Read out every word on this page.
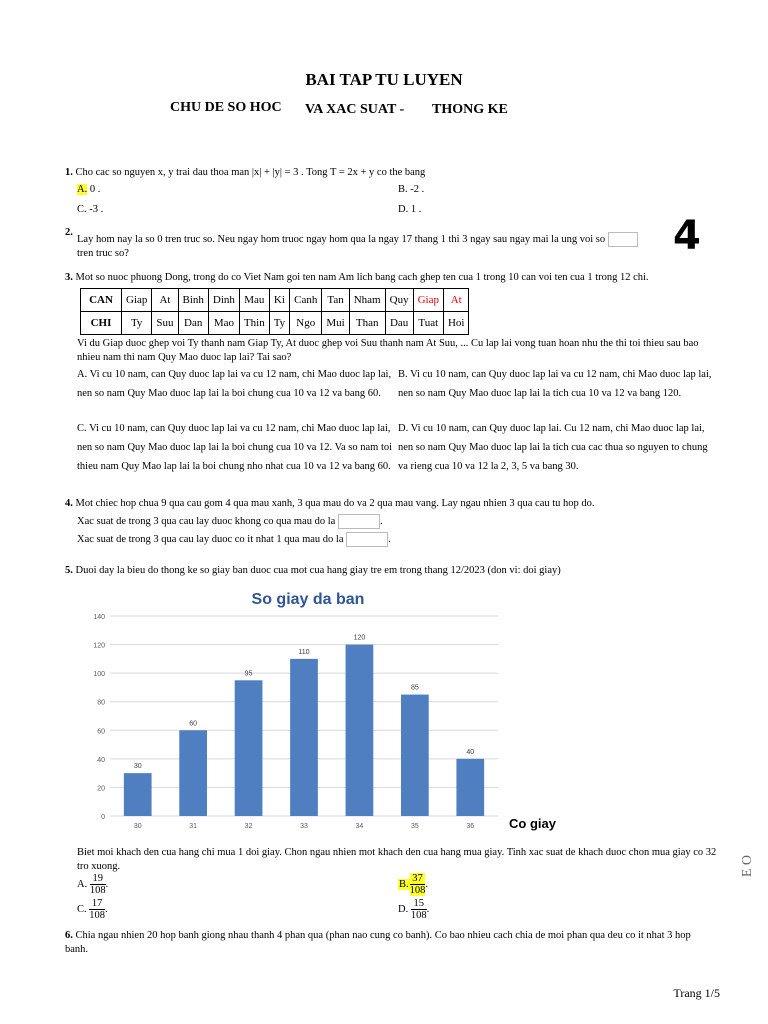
BAI TAP TU LUYEN
CHU DE SO HOC VA XAC SUAT - THONG KE
1. Cho cac so nguyen x, y trai dau thoa man |x| + |y| = 3 . Tong T = 2x + y co the bang
A. 0 .	B. -2 .
C. -3 .	D. 1 .
2.
Lay hom nay la so 0 tren truc so. Neu ngay hom truoc ngay hom qua la ngay 17 thang 1 thi 3 ngay sau ngay mai la ung voi so
tren truc so?	4
3. Mot so nuoc phuong Dong, trong do co Viet Nam goi ten nam Am lich bang cach ghep ten cua 1 trong 10 can voi ten cua 1 trong 12 chi.
CAN	Giap	At	Binh	Dinh	Mau	Ki	Canh	Tan	Nham	Quy	Giap	At
CHI	Ty	Suu	Dan	Mao	Thin	Ty	Ngo	Mui	Than	Dau	Tuat	Hoi
Vi du Giap duoc ghep voi Ty thanh nam Giap Ty, At duoc ghep voi Suu thanh nam At Suu, ... Cu lap lai vong tuan hoan nhu the thi toi thieu sau bao nhieu nam thi nam Quy Mao duoc lap lai? Tai sao?
A. Vi cu 10 nam, can Quy duoc lap lai va cu 12 nam, chi Mao duoc lap lai, nen so nam Quy Mao duoc lap lai la boi chung cua 10 va 12 va bang 60.
B. Vi cu 10 nam, can Quy duoc lap lai va cu 12 nam, chi Mao duoc lap lai, nen so nam Quy Mao duoc lap lai la tich cua 10 va 12 va bang 120.
C. Vi cu 10 nam, can Quy duoc lap lai va cu 12 nam, chi Mao duoc lap lai, nen so nam Quy Mao duoc lap lai la boi chung cua 10 va 12. Va so nam toi thieu nam Quy Mao lap lai la boi chung nho nhat cua 10 va 12 va bang 60.
D. Vi cu 10 nam, can Quy duoc lap lai. Cu 12 nam, chi Mao duoc lap lai, nen so nam Quy Mao duoc lap lai la tich cua cac thua so nguyen to chung va rieng cua 10 va 12 la 2, 3, 5 va bang 30.
4. Mot chiec hop chua 9 qua cau gom 4 qua mau xanh, 3 qua mau do va 2 qua mau vang. Lay ngau nhien 3 qua cau tu hop do.
Xac suat de trong 3 qua cau lay duoc khong co qua mau do la	.
Xac suat de trong 3 qua cau lay duoc co it nhat 1 qua mau do la	.
5. Duoi day la bieu do thong ke so giay ban duoc cua mot cua hang giay tre em trong thang 12/2023 (don vi: doi giay)
So giay da ban
0
20
40
60
80
100
120
140
30
60
95
110
120
85
40
30	31	32	33	34	35	36	Co giay
Biet moi khach den cua hang chi mua 1 doi giay. Chon ngau nhien mot khach den cua hang mua giay. Tinh xac suat de khach duoc chon mua giay co 32 tro xuong.
A. $\frac{19}{108}$ .	B. $\frac{37}{108}$ .
C. $\frac{17}{108}$ .	D. $\frac{15}{108}$ .
6. Chia ngau nhien 20 hop banh giong nhau thanh 4 phan qua (phan nao cung co banh). Co bao nhieu cach chia de moi phan qua deu co it nhat 3 hop banh.
Trang 1/5
E O
